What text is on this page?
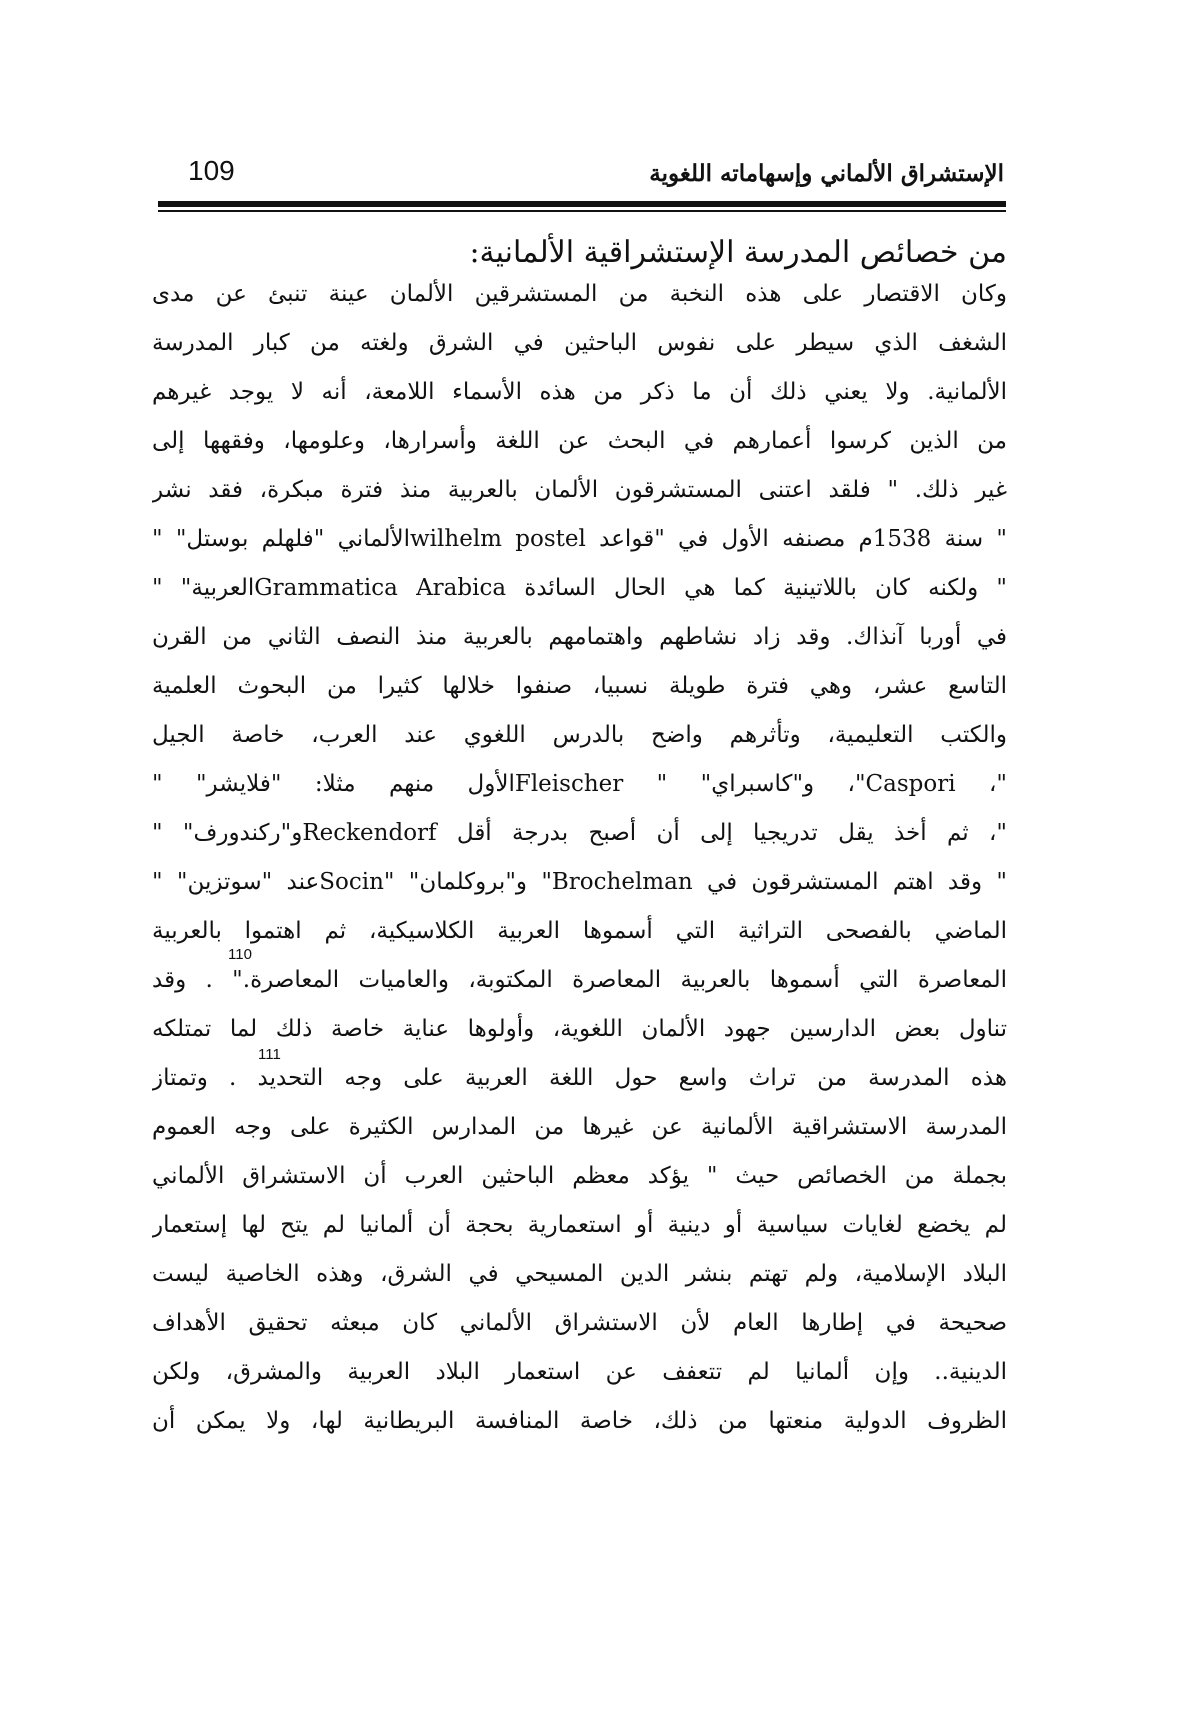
109	الإستشراق الألماني وإسهاماته اللغوية
من خصائص المدرسة الإستشراقية الألمانية:
وكان الاقتصار على هذه النخبة من المستشرقين الألمان عينة تنبئ عن مدى
الشغف الذي سيطر على نفوس الباحثين في الشرق ولغته من كبار المدرسة
الألمانية. ولا يعني ذلك أن ما ذكر من هذه الأسماء اللامعة، أنه لا يوجد غيرهم
من الذين كرسوا أعمارهم في البحث عن اللغة وأسرارها، وعلومها، وفقهها إلى
غير ذلك. " فلقد اعتنى المستشرقون الألمان بالعربية منذ فترة مبكرة، فقد نشر
" سنة 1538م مصنفه الأول في "قواعد wilhelm postelالألماني "فلهلم بوستل" "
" ولكنه كان باللاتينية كما هي الحال السائدة Grammatica Arabicaالعربية" "
في أوربا آنذاك. وقد زاد نشاطهم واهتمامهم بالعربية منذ النصف الثاني من القرن
التاسع عشر، وهي فترة طويلة نسبيا، صنفوا خلالها كثيرا من البحوث العلمية
والكتب التعليمية، وتأثرهم واضح بالدرس اللغوي عند العرب، خاصة الجيل
"، Caspori"، و"كاسبراي" " Fleischerالأول منهم مثلا: "فلايشر" "
"، ثم أخذ يقل تدريجيا إلى أن أصبح بدرجة أقل Reckendorfو"ركندورف" "
" وقد اهتم المستشرقون في Brochelman" و"بروكلمان" "Socinعند "سوتزين" "
الماضي بالفصحى التراثية التي أسموها العربية الكلاسيكية، ثم اهتموا بالعربية
المعاصرة التي أسموها بالعربية المعاصرة المكتوبة، والعاميات المعاصرة." . وقد
تناول بعض الدارسين جهود الألمان اللغوية، وأولوها عناية خاصة ذلك لما تمتلكه
هذه المدرسة من تراث واسع حول اللغة العربية على وجه التحديد . وتمتاز
المدرسة الاستشراقية الألمانية عن غيرها من المدارس الكثيرة على وجه العموم
بجملة من الخصائص حيث " يؤكد معظم الباحثين العرب أن الاستشراق الألماني
لم يخضع لغايات سياسية أو دينية أو استعمارية بحجة أن ألمانيا لم يتح لها إستعمار
البلاد الإسلامية، ولم تهتم بنشر الدين المسيحي في الشرق، وهذه الخاصية ليست
صحيحة في إطارها العام لأن الاستشراق الألماني كان مبعثه تحقيق الأهداف
الدينية.. وإن ألمانيا لم تتعفف عن استعمار البلاد العربية والمشرق، ولكن
الظروف الدولية منعتها من ذلك، خاصة المنافسة البريطانية لها، ولا يمكن أن
110
111
